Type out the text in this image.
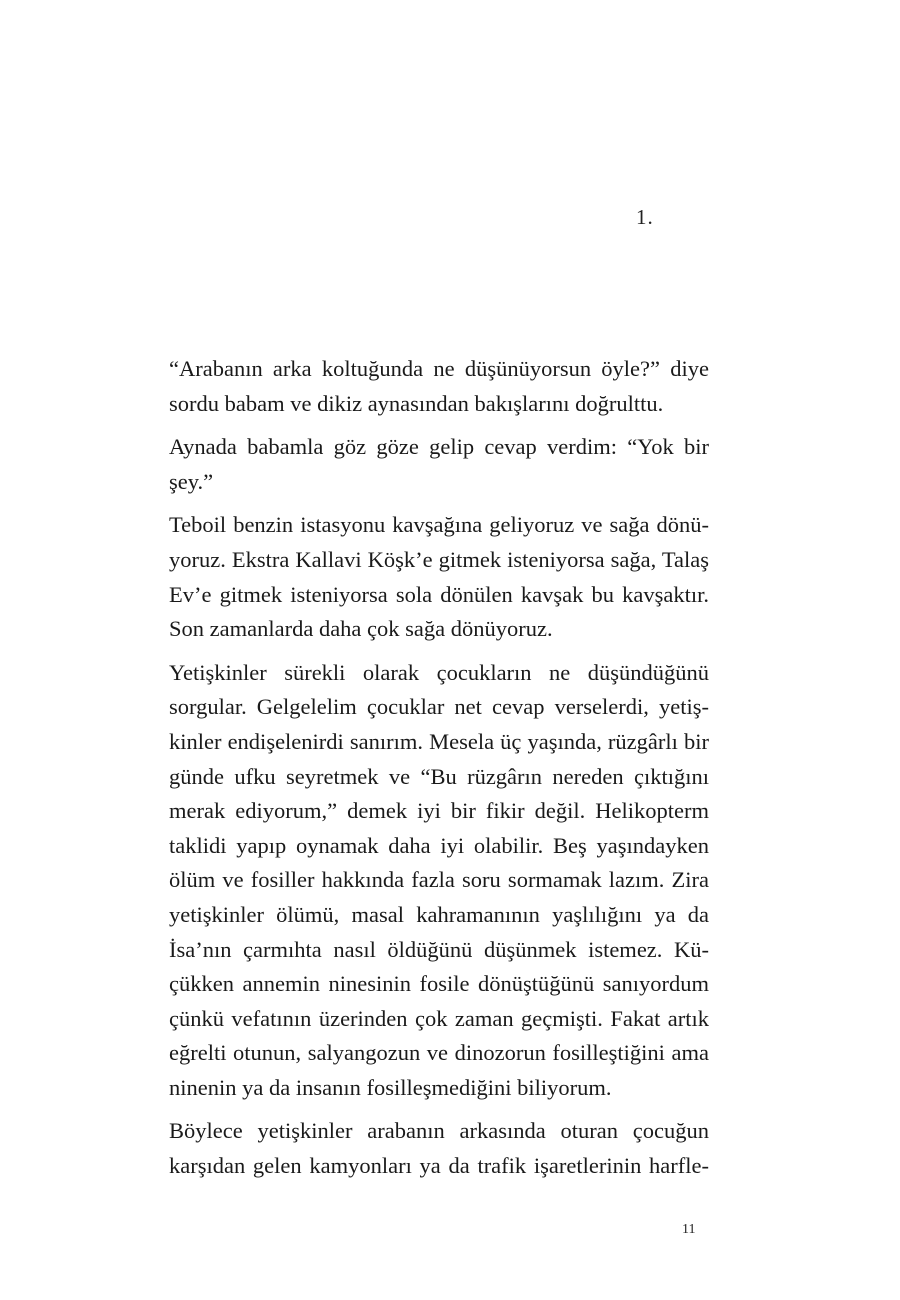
1.

“Arabanın arka koltuğunda ne düşünüyorsun öyle?” diye sordu babam ve dikiz aynasından bakışlarını doğrulttu.

Aynada babamla göz göze gelip cevap verdim: “Yok bir şey.”

Teboil benzin istasyonu kavşağına geliyoruz ve sağa dönüyoruz. Ekstra Kallavi Köşk’e gitmek isteniyorsa sağa, Talaş Ev’e gitmek isteniyorsa sola dönülen kavşak bu kavşaktır. Son zamanlarda daha çok sağa dönüyoruz.

Yetişkinler sürekli olarak çocukların ne düşündüğünü sorgular. Gelgelelim çocuklar net cevap verselerdi, yetişkinler endişelenirdi sanırım. Mesela üç yaşında, rüzgârlı bir günde ufku seyretmek ve “Bu rüzgârın nereden çıktığını merak ediyorum,” demek iyi bir fikir değil. Helikopterm taklidi yapıp oynamak daha iyi olabilir. Beş yaşındayken ölüm ve fosiller hakkında fazla soru sormamak lazım. Zira yetişkinler ölümü, masal kahramanının yaşlılığını ya da İsa’nın çarmıhta nasıl öldüğünü düşünmek istemez. Küçükken annemin ninesinin fosile dönüştüğünü sanıyordum çünkü vefatının üzerinden çok zaman geçmişti. Fakat artık eğrelti otunun, salyangozun ve dinozorun fosilleştiğini ama ninenin ya da insanın fosilleşmediğini biliyorum.

Böylece yetişkinler arabanın arkasında oturan çocuğun karşıdan gelen kamyonları ya da trafik işaretlerinin harfle-

11
